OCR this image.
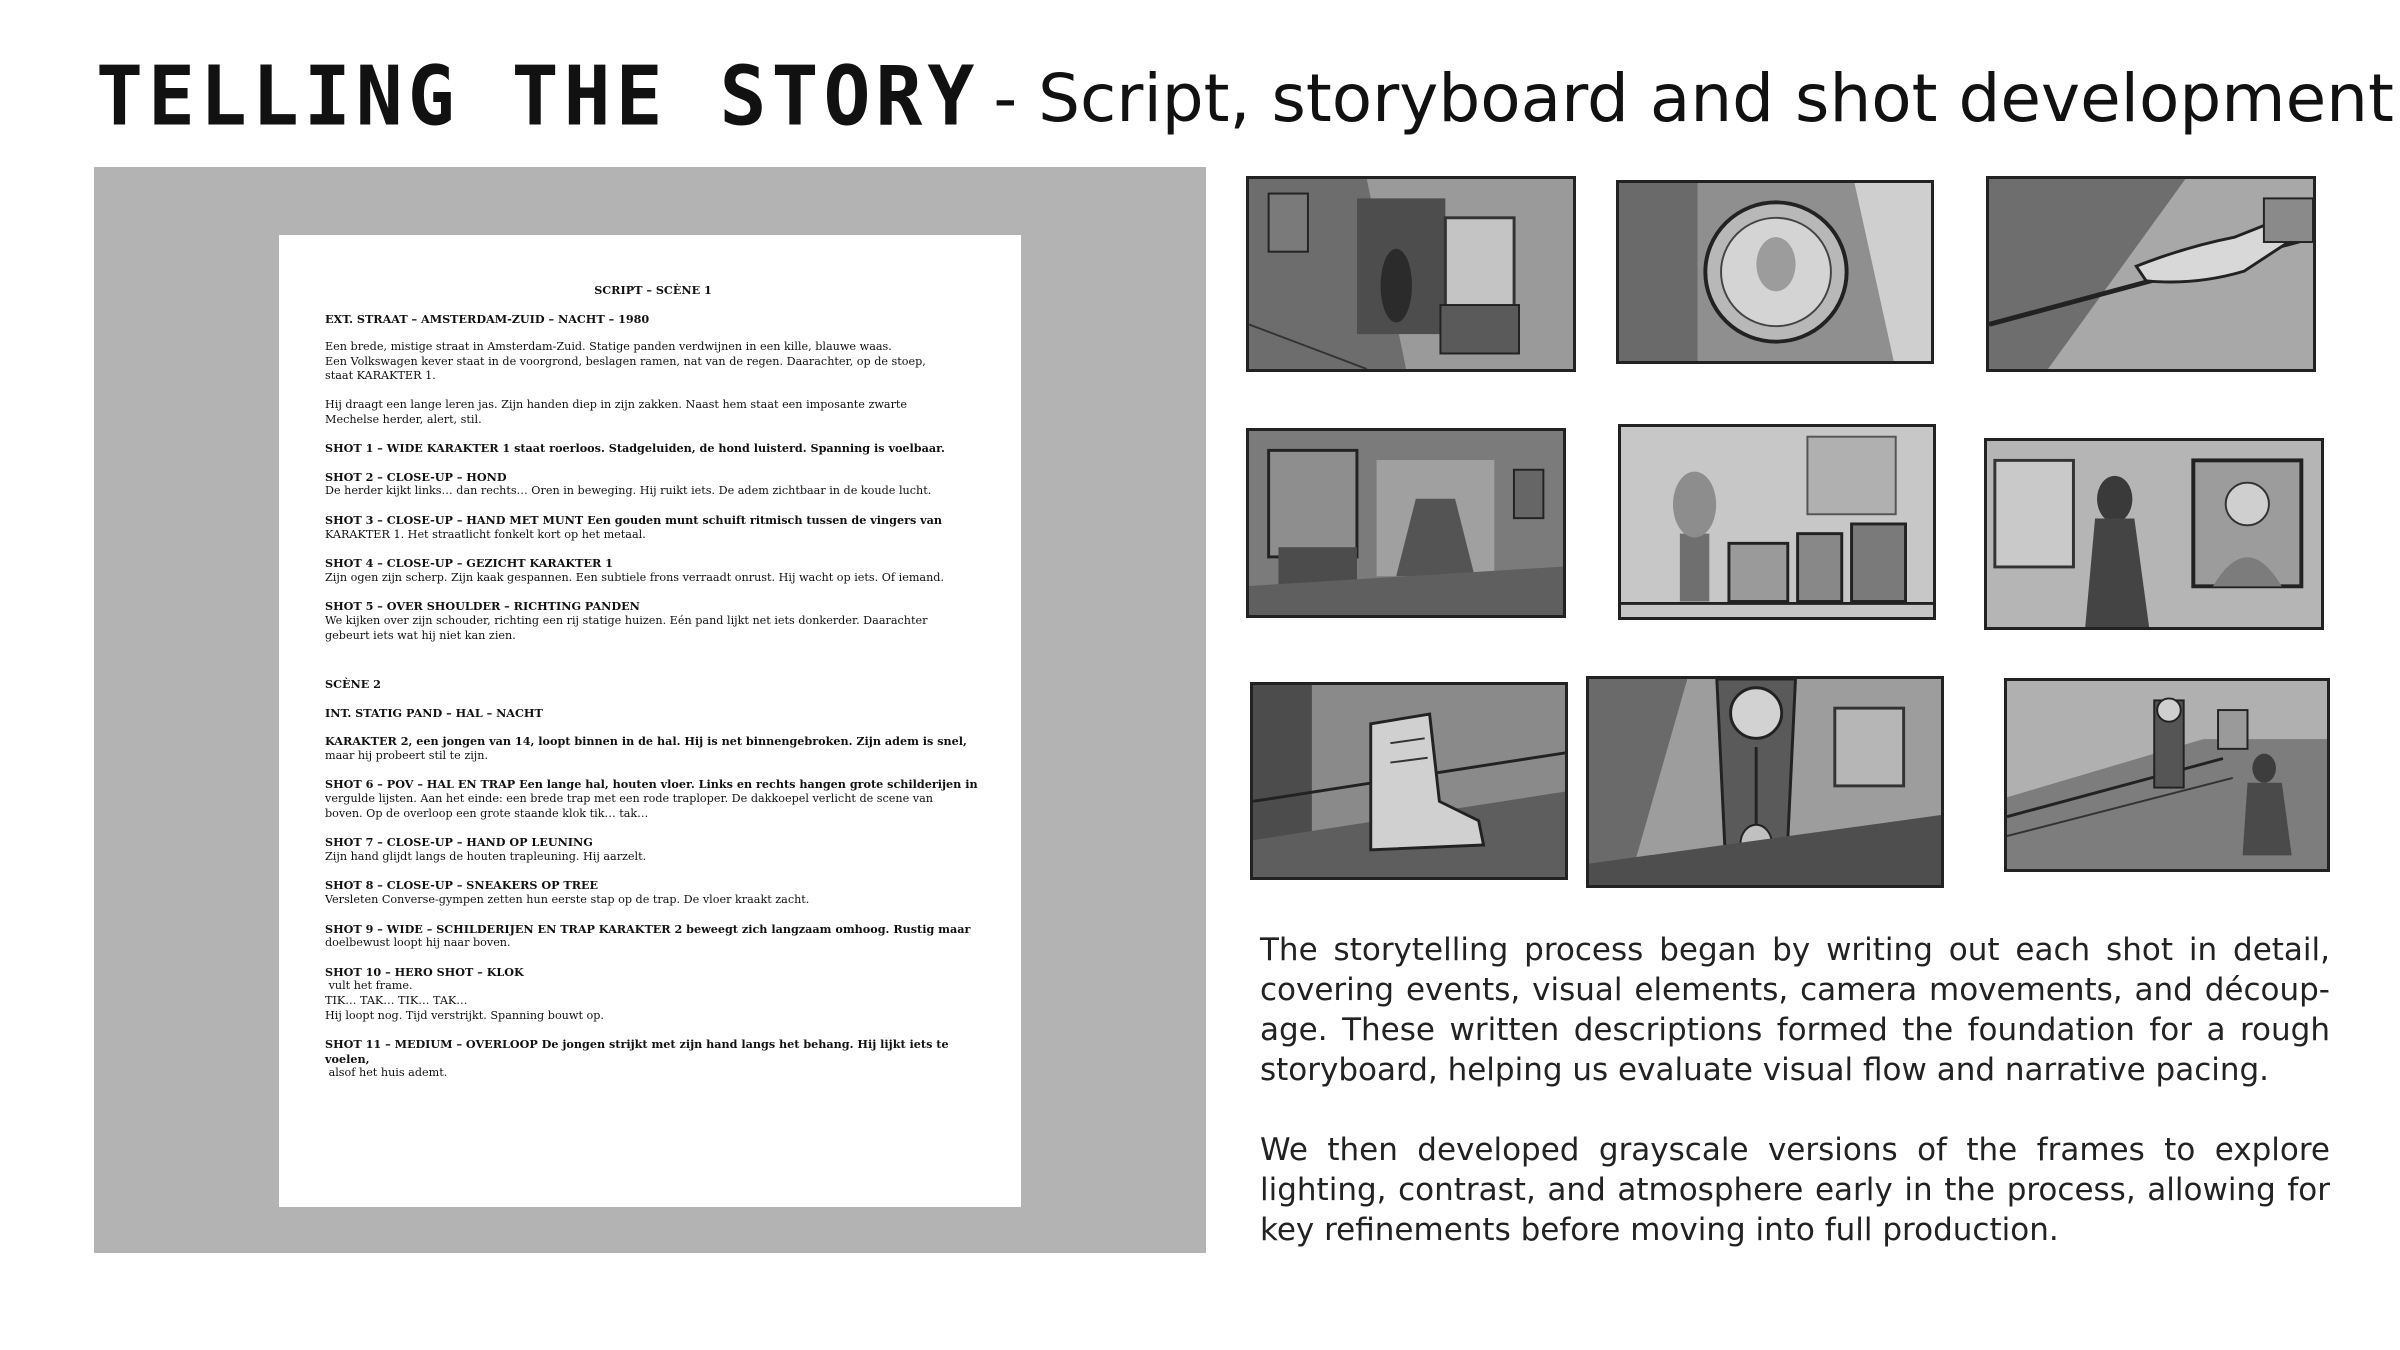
TELLING THE STORY - Script, storyboard and shot development
SCRIPT – SCÈNE 1
EXT. STRAAT – AMSTERDAM-ZUID – NACHT – 1980
Een brede, mistige straat in Amsterdam-Zuid. Statige panden verdwijnen in een kille, blauwe waas.
Een Volkswagen kever staat in de voorgrond, beslagen ramen, nat van de regen. Daarachter, op de stoep,
staat KARAKTER 1.
Hij draagt een lange leren jas. Zijn handen diep in zijn zakken. Naast hem staat een imposante zwarte
Mechelse herder, alert, stil.
SHOT 1 – WIDE KARAKTER 1 staat roerloos. Stadgeluiden, de hond luisterd. Spanning is voelbaar.
SHOT 2 – CLOSE-UP – HOND
De herder kijkt links… dan rechts… Oren in beweging. Hij ruikt iets. De adem zichtbaar in de koude lucht.
SHOT 3 – CLOSE-UP – HAND MET MUNT Een gouden munt schuift ritmisch tussen de vingers van
KARAKTER 1. Het straatlicht fonkelt kort op het metaal.
SHOT 4 – CLOSE-UP – GEZICHT KARAKTER 1
Zijn ogen zijn scherp. Zijn kaak gespannen. Een subtiele frons verraadt onrust. Hij wacht op iets. Of iemand.
SHOT 5 – OVER SHOULDER – RICHTING PANDEN
We kijken over zijn schouder, richting een rij statige huizen. Eén pand lijkt net iets donkerder. Daarachter
gebeurt iets wat hij niet kan zien.
SCÈNE 2
INT. STATIG PAND – HAL – NACHT
KARAKTER 2, een jongen van 14, loopt binnen in de hal. Hij is net binnengebroken. Zijn adem is snel,
maar hij probeert stil te zijn.
SHOT 6 – POV – HAL EN TRAP Een lange hal, houten vloer. Links en rechts hangen grote schilderijen in
vergulde lijsten. Aan het einde: een brede trap met een rode traploper. De dakkoepel verlicht de scene van
boven. Op de overloop een grote staande klok tik… tak…
SHOT 7 – CLOSE-UP – HAND OP LEUNING
Zijn hand glijdt langs de houten trapleuning. Hij aarzelt.
SHOT 8 – CLOSE-UP – SNEAKERS OP TREE
Versleten Converse-gympen zetten hun eerste stap op de trap. De vloer kraakt zacht.
SHOT 9 – WIDE – SCHILDERIJEN EN TRAP KARAKTER 2 beweegt zich langzaam omhoog. Rustig maar
doelbewust loopt hij naar boven.
SHOT 10 – HERO SHOT – KLOK
vult het frame.
TIK… TAK… TIK… TAK…
Hij loopt nog. Tijd verstrijkt. Spanning bouwt op.
SHOT 11 – MEDIUM – OVERLOOP De jongen strijkt met zijn hand langs het behang. Hij lijkt iets te voelen,
alsof het huis ademt.

The storytelling process began by writing out each shot in detail, covering events, visual elements, camera movements, and découp-age. These written descriptions formed the foundation for a rough storyboard, helping us evaluate visual flow and narrative pacing.

We then developed grayscale versions of the frames to explore lighting, contrast, and atmosphere early in the process, allowing for key refinements before moving into full production.
